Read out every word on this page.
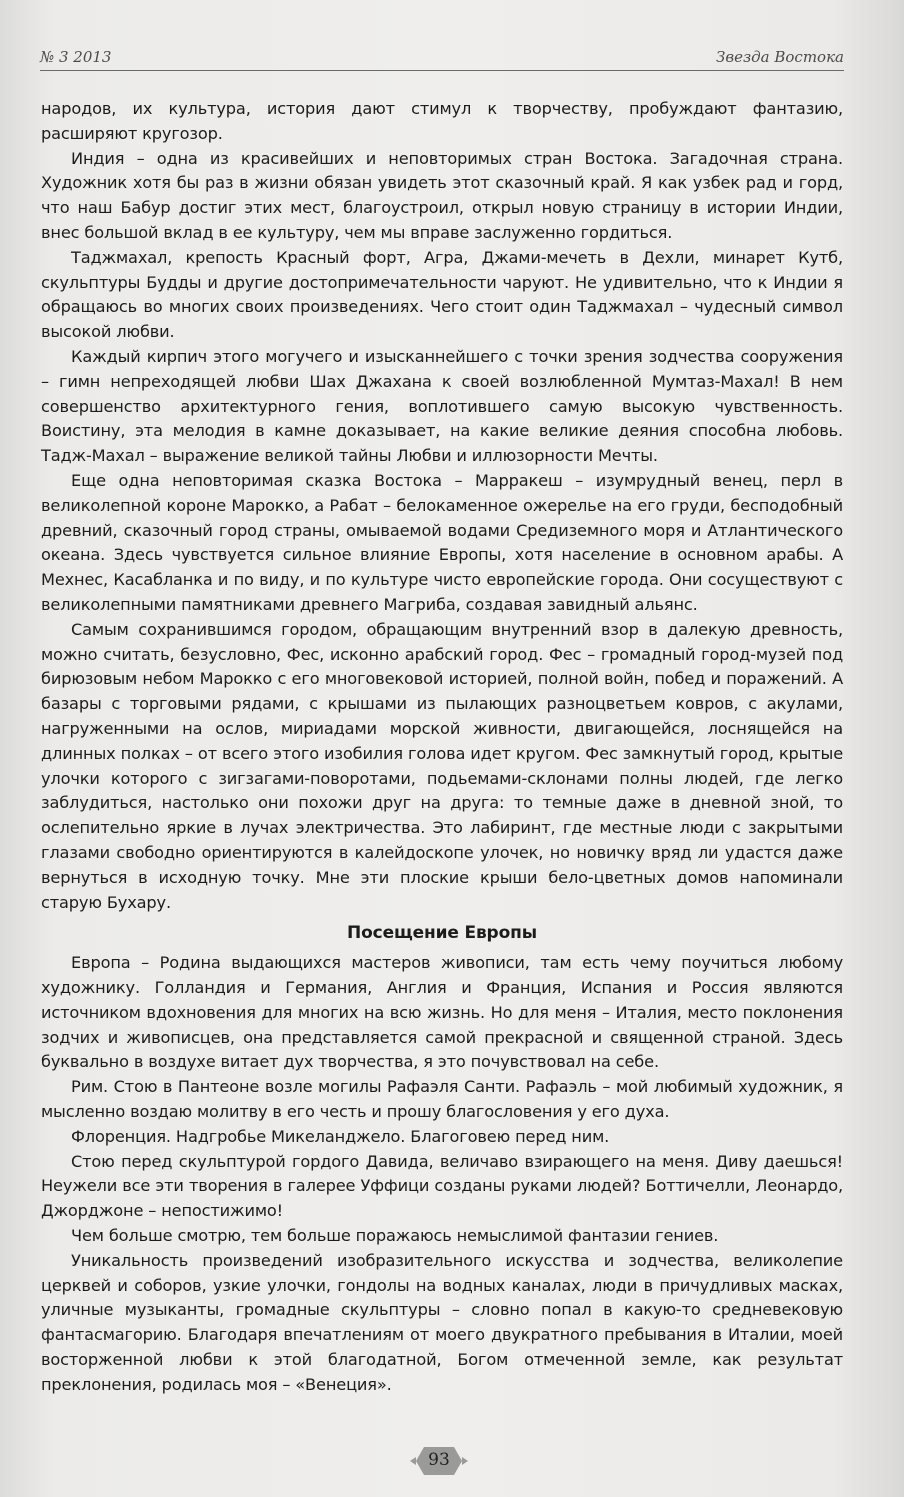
№ 3 2013	Звезда Востока

народов, их культура, история дают стимул к творчеству, пробуждают фантазию, расширяют кругозор.

Индия – одна из красивейших и неповторимых стран Востока. Загадочная страна. Художник хотя бы раз в жизни обязан увидеть этот сказочный край. Я как узбек рад и горд, что наш Бабур достиг этих мест, благоустроил, открыл новую страницу в истории Индии, внес большой вклад в ее культуру, чем мы вправе заслуженно гордиться.

Таджмахал, крепость Красный форт, Агра, Джами-мечеть в Дехли, минарет Кутб, скульптуры Будды и другие достопримечательности чаруют. Не удивительно, что к Индии я обращаюсь во многих своих произведениях. Чего стоит один Таджмахал – чудесный символ высокой любви.

Каждый кирпич этого могучего и изысканнейшего с точки зрения зодчества сооружения – гимн непреходящей любви Шах Джахана к своей возлюбленной Мумтаз-Махал! В нем совершенство архитектурного гения, воплотившего самую высокую чувственность. Воистину, эта мелодия в камне доказывает, на какие великие деяния способна любовь. Тадж-Махал – выражение великой тайны Любви и иллюзорности Мечты.

Еще одна неповторимая сказка Востока – Марракеш – изумрудный венец, перл в великолепной короне Марокко, а Рабат – белокаменное ожерелье на его груди, бесподобный древний, сказочный город страны, омываемой водами Средиземного моря и Атлантического океана. Здесь чувствуется сильное влияние Европы, хотя население в основном арабы. А Мехнес, Касабланка и по виду, и по культуре чисто европейские города. Они сосуществуют с великолепными памятниками древнего Магриба, создавая завидный альянс.

Самым сохранившимся городом, обращающим внутренний взор в далекую древность, можно считать, безусловно, Фес, исконно арабский город. Фес – громадный город-музей под бирюзовым небом Марокко с его многовековой историей, полной войн, побед и поражений. А базары с торговыми рядами, с крышами из пылающих разноцветьем ковров, с акулами, нагруженными на ослов, мириадами морской живности, двигающейся, лоснящейся на длинных полках – от всего этого изобилия голова идет кругом. Фес замкнутый город, крытые улочки которого с зигзагами-поворотами, подьемами-склонами полны людей, где легко заблудиться, настолько они похожи друг на друга: то темные даже в дневной зной, то ослепительно яркие в лучах электричества. Это лабиринт, где местные люди с закрытыми глазами свободно ориентируются в калейдоскопе улочек, но новичку вряд ли удастся даже вернуться в исходную точку. Мне эти плоские крыши бело-цветных домов напоминали старую Бухару.

Посещение Европы

Европа – Родина выдающихся мастеров живописи, там есть чему поучиться любому художнику. Голландия и Германия, Англия и Франция, Испания и Россия являются источником вдохновения для многих на всю жизнь. Но для меня – Италия, место поклонения зодчих и живописцев, она представляется самой прекрасной и священной страной. Здесь буквально в воздухе витает дух творчества, я это почувствовал на себе.

Рим. Стою в Пантеоне возле могилы Рафаэля Санти. Рафаэль – мой любимый художник, я мысленно воздаю молитву в его честь и прошу благословения у его духа.

Флоренция. Надгробье Микеланджело. Благоговею перед ним.

Стою перед скульптурой гордого Давида, величаво взирающего на меня. Диву даешься! Неужели все эти творения в галерее Уффици созданы руками людей? Боттичелли, Леонардо, Джорджоне – непостижимо!

Чем больше смотрю, тем больше поражаюсь немыслимой фантазии гениев.

Уникальность произведений изобразительного искусства и зодчества, великолепие церквей и соборов, узкие улочки, гондолы на водных каналах, люди в причудливых масках, уличные музыканты, громадные скульптуры – словно попал в какую-то средневековую фантасмагорию. Благодаря впечатлениям от моего двукратного пребывания в Италии, моей восторженной любви к этой благодатной, Богом отмеченной земле, как результат преклонения, родилась моя – «Венеция».

93
